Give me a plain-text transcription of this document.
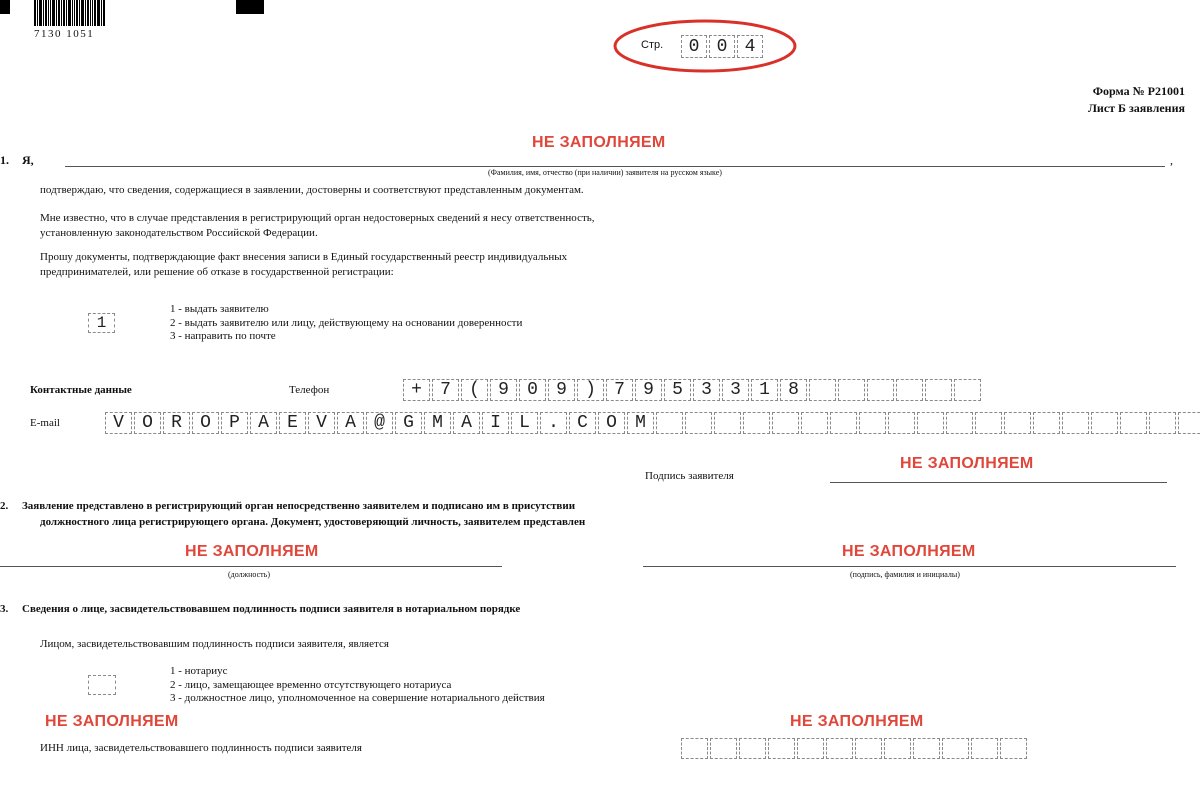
7130 1051
Стр.	0 0 4
Форма № Р21001
Лист Б заявления
НЕ ЗАПОЛНЯЕМ
1. Я,	,
(Фамилия, имя, отчество (при наличии) заявителя на русском языке)
подтверждаю, что сведения, содержащиеся в заявлении, достоверны и соответствуют представленным документам.
Мне известно, что в случае представления в регистрирующий орган недостоверных сведений я несу ответственность,
установленную законодательством Российской Федерации.
Прошу документы, подтверждающие факт внесения записи в Единый государственный реестр индивидуальных
предпринимателей, или решение об отказе в государственной регистрации:
1
1 - выдать заявителю
2 - выдать заявителю или лицу, действующему на основании доверенности
3 - направить по почте
Контактные данные	Телефон	+	7	(	9	0	9	)	7	9	5	3	3	1	8
E-mail	V	O	R	O	P	A	E	V	A	@	G	M	A	I	L	.	C	O	M
НЕ ЗАПОЛНЯЕМ
Подпись заявителя
2. Заявление представлено в регистрирующий орган непосредственно заявителем и подписано им в присутствии
должностного лица регистрирующего органа. Документ, удостоверяющий личность, заявителем представлен
НЕ ЗАПОЛНЯЕМ	НЕ ЗАПОЛНЯЕМ
(должность)	(подпись, фамилия и инициалы)
3. Сведения о лице, засвидетельствовавшем подлинность подписи заявителя в нотариальном порядке
Лицом, засвидетельствовавшим подлинность подписи заявителя, является
1 - нотариус
2 - лицо, замещающее временно отсутствующего нотариуса
3 - должностное лицо, уполномоченное на совершение нотариального действия
НЕ ЗАПОЛНЯЕМ	НЕ ЗАПОЛНЯЕМ
ИНН лица, засвидетельствовавшего подлинность подписи заявителя
